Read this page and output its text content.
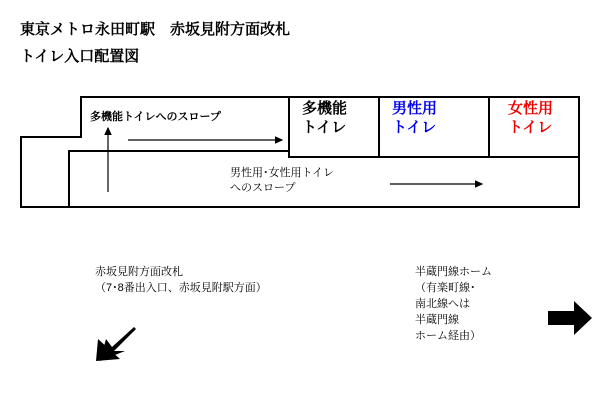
東京メトロ永田町駅　赤坂見附方面改札
トイレ入口配置図
多機能
トイレ
男性用
トイレ
女性用
トイレ
多機能トイレへのスロープ
男性用･女性用トイレ
へのスロープ
赤坂見附方面改札
（7･8番出入口、赤坂見附駅方面）
半蔵門線ホーム
（有楽町線･
南北線へは
半蔵門線
ホーム経由）
